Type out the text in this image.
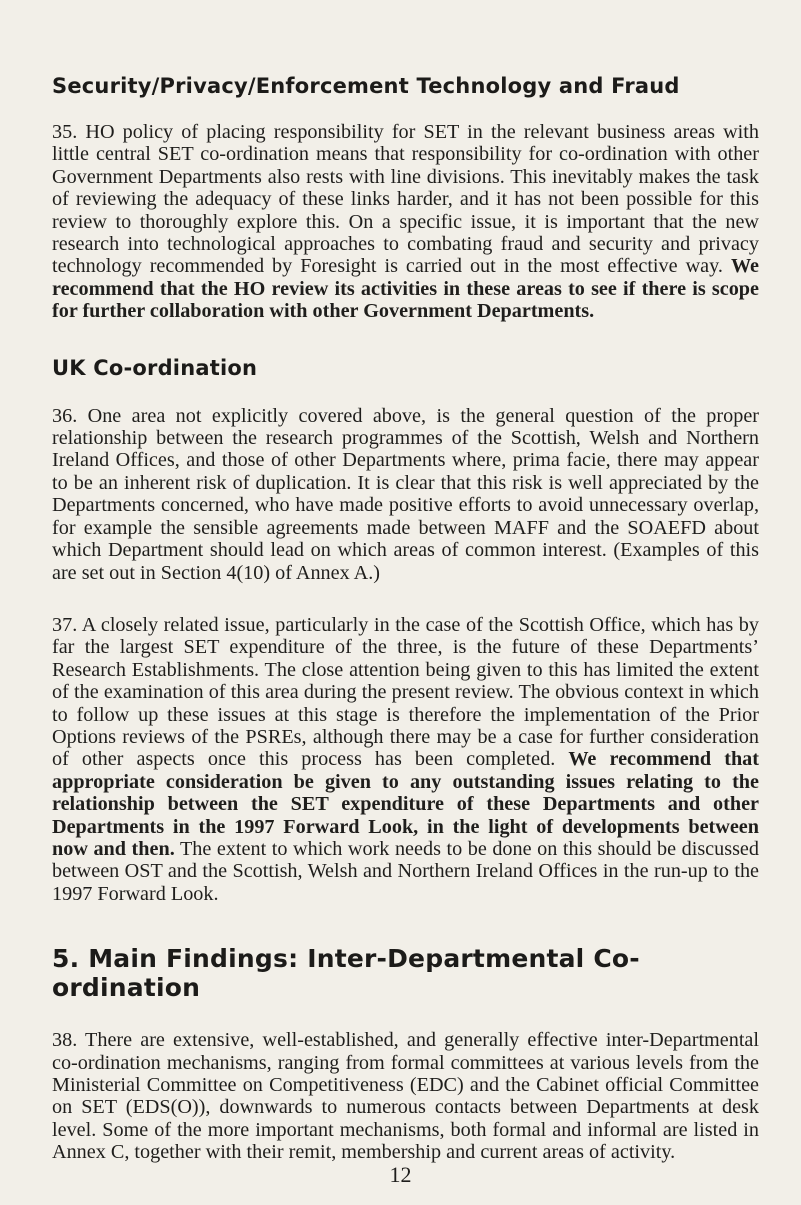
Security/Privacy/Enforcement Technology and Fraud

35. HO policy of placing responsibility for SET in the relevant business areas with little central SET co-ordination means that responsibility for co-ordination with other Government Departments also rests with line divisions. This inevitably makes the task of reviewing the adequacy of these links harder, and it has not been possible for this review to thoroughly explore this. On a specific issue, it is important that the new research into technological approaches to combating fraud and security and privacy technology recommended by Foresight is carried out in the most effective way. We recommend that the HO review its activities in these areas to see if there is scope for further collaboration with other Government Departments.

UK Co-ordination

36. One area not explicitly covered above, is the general question of the proper relationship between the research programmes of the Scottish, Welsh and Northern Ireland Offices, and those of other Departments where, prima facie, there may appear to be an inherent risk of duplication. It is clear that this risk is well appreciated by the Departments concerned, who have made positive efforts to avoid unnecessary overlap, for example the sensible agreements made between MAFF and the SOAEFD about which Department should lead on which areas of common interest. (Examples of this are set out in Section 4(10) of Annex A.)

37. A closely related issue, particularly in the case of the Scottish Office, which has by far the largest SET expenditure of the three, is the future of these Departments’ Research Establishments. The close attention being given to this has limited the extent of the examination of this area during the present review. The obvious context in which to follow up these issues at this stage is therefore the implementation of the Prior Options reviews of the PSREs, although there may be a case for further consideration of other aspects once this process has been completed. We recommend that appropriate consideration be given to any outstanding issues relating to the relationship between the SET expenditure of these Departments and other Departments in the 1997 Forward Look, in the light of developments between now and then. The extent to which work needs to be done on this should be discussed between OST and the Scottish, Welsh and Northern Ireland Offices in the run-up to the 1997 Forward Look.

5. Main Findings: Inter-Departmental Co-ordination

38. There are extensive, well-established, and generally effective inter-Departmental co-ordination mechanisms, ranging from formal committees at various levels from the Ministerial Committee on Competitiveness (EDC) and the Cabinet official Committee on SET (EDS(O)), downwards to numerous contacts between Departments at desk level. Some of the more important mechanisms, both formal and informal are listed in Annex C, together with their remit, membership and current areas of activity.

12
